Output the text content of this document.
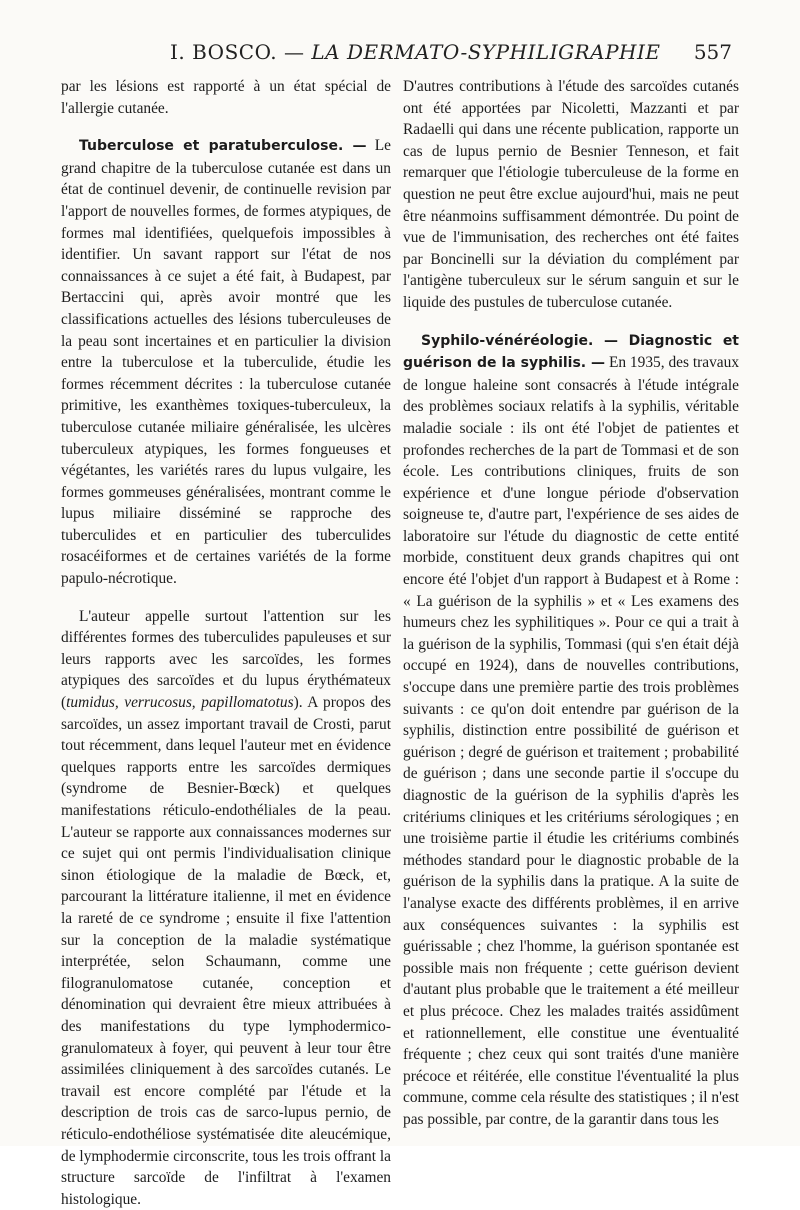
I. BOSCO. — LA DERMATO-SYPHILIGRAPHIE	557

par les lésions est rapporté à un état spécial de l'allergie cutanée.

Tuberculose et paratuberculose. — Le grand chapitre de la tuberculose cutanée est dans un état de continuel devenir, de continuelle revision par l'apport de nouvelles formes, de formes atypiques, de formes mal identifiées, quelquefois impossibles à identifier. Un savant rapport sur l'état de nos connaissances à ce sujet a été fait, à Budapest, par Bertaccini qui, après avoir montré que les classifications actuelles des lésions tuberculeuses de la peau sont incertaines et en particulier la division entre la tuberculose et la tuberculide, étudie les formes récemment décrites : la tuberculose cutanée primitive, les exanthèmes toxiques-tuberculeux, la tuberculose cutanée miliaire généralisée, les ulcères tuberculeux atypiques, les formes fongueuses et végétantes, les variétés rares du lupus vulgaire, les formes gommeuses généralisées, montrant comme le lupus miliaire disséminé se rapproche des tuberculides et en particulier des tuberculides rosacéiformes et de certaines variétés de la forme papulo-nécrotique.

L'auteur appelle surtout l'attention sur les différentes formes des tuberculides papuleuses et sur leurs rapports avec les sarcoïdes, les formes atypiques des sarcoïdes et du lupus érythémateux (tumidus, verrucosus, papillomatotus). A propos des sarcoïdes, un assez important travail de Crosti, parut tout récemment, dans lequel l'auteur met en évidence quelques rapports entre les sarcoïdes dermiques (syndrome de Besnier-Bœck) et quelques manifestations réticulo-endothéliales de la peau. L'auteur se rapporte aux connaissances modernes sur ce sujet qui ont permis l'individualisation clinique sinon étiologique de la maladie de Bœck, et, parcourant la littérature italienne, il met en évidence la rareté de ce syndrome ; ensuite il fixe l'attention sur la conception de la maladie systématique interprétée, selon Schaumann, comme une filogranulomatose cutanée, conception et dénomination qui devraient être mieux attribuées à des manifestations du type lymphodermico-granulomateux à foyer, qui peuvent à leur tour être assimilées cliniquement à des sarcoïdes cutanés. Le travail est encore complété par l'étude et la description de trois cas de sarco-lupus pernio, de réticulo-endothéliose systématisée dite aleucémique, de lymphodermie circonscrite, tous les trois offrant la structure sarcoïde de l'infiltrat à l'examen histologique.

D'autres contributions à l'étude des sarcoïdes cutanés ont été apportées par Nicoletti, Mazzanti et par Radaelli qui dans une récente publication, rapporte un cas de lupus pernio de Besnier Tenneson, et fait remarquer que l'étiologie tuberculeuse de la forme en question ne peut être exclue aujourd'hui, mais ne peut être néanmoins suffisamment démontrée. Du point de vue de l'immunisation, des recherches ont été faites par Boncinelli sur la déviation du complément par l'antigène tuberculeux sur le sérum sanguin et sur le liquide des pustules de tuberculose cutanée.

Syphilo-vénéréologie. — Diagnostic et guérison de la syphilis. — En 1935, des travaux de longue haleine sont consacrés à l'étude intégrale des problèmes sociaux relatifs à la syphilis, véritable maladie sociale : ils ont été l'objet de patientes et profondes recherches de la part de Tommasi et de son école. Les contributions cliniques, fruits de son expérience et d'une longue période d'observation soigneuse te, d'autre part, l'expérience de ses aides de laboratoire sur l'étude du diagnostic de cette entité morbide, constituent deux grands chapitres qui ont encore été l'objet d'un rapport à Budapest et à Rome : « La guérison de la syphilis » et « Les examens des humeurs chez les syphilitiques ». Pour ce qui a trait à la guérison de la syphilis, Tommasi (qui s'en était déjà occupé en 1924), dans de nouvelles contributions, s'occupe dans une première partie des trois problèmes suivants : ce qu'on doit entendre par guérison de la syphilis, distinction entre possibilité de guérison et guérison ; degré de guérison et traitement ; probabilité de guérison ; dans une seconde partie il s'occupe du diagnostic de la guérison de la syphilis d'après les critériums cliniques et les critériums sérologiques ; en une troisième partie il étudie les critériums combinés méthodes standard pour le diagnostic probable de la guérison de la syphilis dans la pratique. A la suite de l'analyse exacte des différents problèmes, il en arrive aux conséquences suivantes : la syphilis est guérissable ; chez l'homme, la guérison spontanée est possible mais non fréquente ; cette guérison devient d'autant plus probable que le traitement a été meilleur et plus précoce. Chez les malades traités assidûment et rationnellement, elle constitue une éventualité fréquente ; chez ceux qui sont traités d'une manière précoce et réitérée, elle constitue l'éventualité la plus commune, comme cela résulte des statistiques ; il n'est pas possible, par contre, de la garantir dans tous les
